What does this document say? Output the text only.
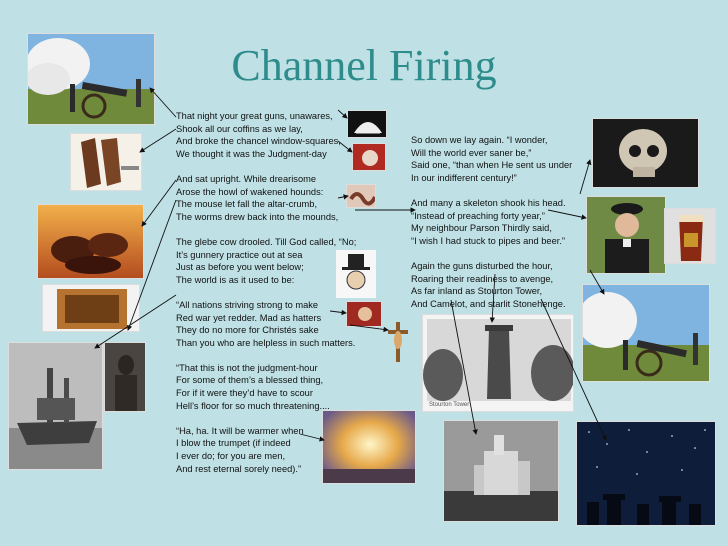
Channel Firing
That night your great guns, unawares,
Shook all our coffins as we lay,
And broke the chancel window-squares,
We thought it was the Judgment-day
And sat upright. While drearisome
Arose the howl of wakened hounds:
The mouse let fall the altar-crumb,
The worms drew back into the mounds,
The glebe cow drooled. Till God called, “No;
It’s gunnery practice out at sea
Just as before you went below;
The world is as it used to be:
“All nations striving strong to make
Red war yet redder. Mad as hatters
They do no more for Christés sake
Than you who are helpless in such matters.
“That this is not the judgment-hour
For some of them’s a blessed thing,
For if it were they’d have to scour
Hell’s floor for so much threatening....
“Ha, ha. It will be warmer when
I blow the trumpet (if indeed
I ever do; for you are men,
And rest eternal sorely need).”
So down we lay again. “I wonder,
Will the world ever saner be,”
Said one, “than when He sent us under
In our indifferent century!”
And many a skeleton shook his head.
“Instead of preaching forty year,”
My neighbour Parson Thirdly said,
“I wish I had stuck to pipes and beer.”
Again the guns disturbed the hour,
Roaring their readiness to avenge,
As far inland as Stourton Tower,
And Camelot, and starlit Stonehenge.
Stourton Tower
